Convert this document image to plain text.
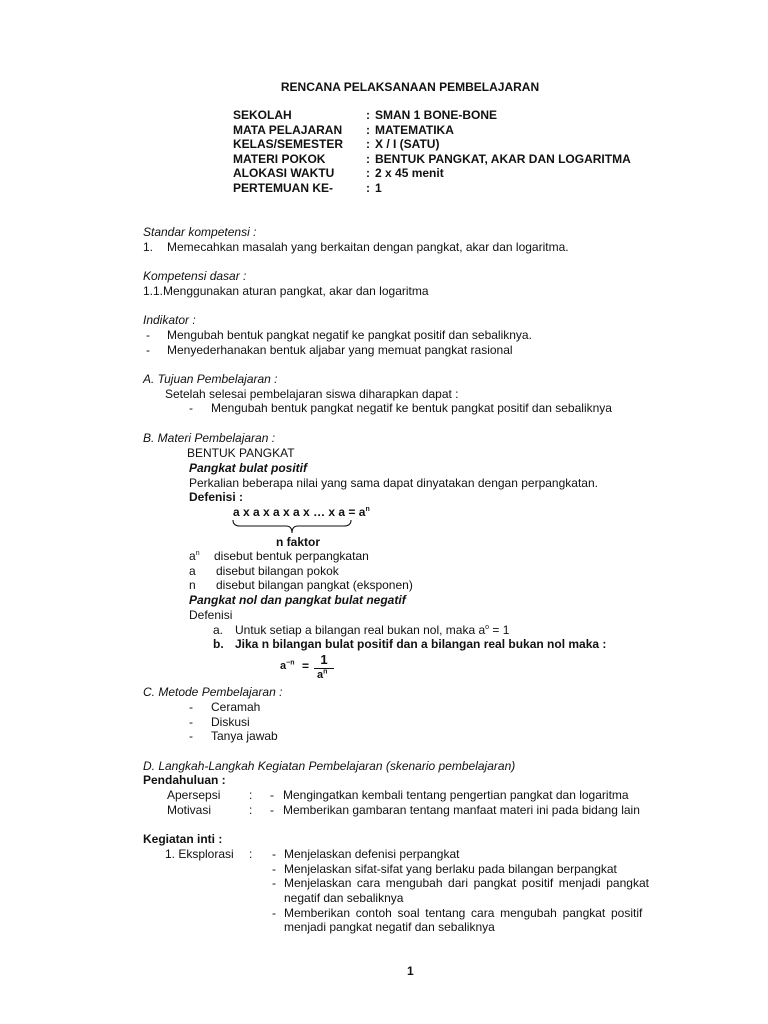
RENCANA PELAKSANAAN PEMBELAJARAN
SEKOLAH	: SMAN 1 BONE-BONE
MATA PELAJARAN : MATEMATIKA
KELAS/SEMESTER : X / I (SATU)
MATERI POKOK	: BENTUK PANGKAT, AKAR DAN LOGARITMA
ALOKASI WAKTU	: 2 x 45 menit
PERTEMUAN KE-	: 1
Standar kompetensi :
1. Memecahkan masalah yang berkaitan dengan pangkat, akar dan logaritma.
Kompetensi dasar :
1.1.Menggunakan aturan pangkat, akar dan logaritma
Indikator :
- Mengubah bentuk pangkat negatif ke pangkat positif dan sebaliknya.
- Menyederhanakan bentuk aljabar yang memuat pangkat rasional
A. Tujuan Pembelajaran :
Setelah selesai pembelajaran siswa diharapkan dapat :
- Mengubah bentuk pangkat negatif ke bentuk pangkat positif dan sebaliknya
B. Materi Pembelajaran :
BENTUK PANGKAT
Pangkat bulat positif
Perkalian beberapa nilai yang sama dapat dinyatakan dengan perpangkatan.
Defenisi :
a x a x a x a x … x $a = a^n$
n faktor
$a^n$ disebut bentuk perpangkatan
a disebut bilangan pokok
n disebut bilangan pangkat (eksponen)
Pangkat nol dan pangkat bulat negatif
Defenisi
a. Untuk setiap a bilangan real bukan nol, maka $a^o = 1$
b. Jika n bilangan bulat positif dan a bilangan real bukan nol maka :
$a^{-n} = 1$
$a^n$
C. Metode Pembelajaran :
- Ceramah
- Diskusi
- Tanya jawab
D. Langkah-Langkah Kegiatan Pembelajaran (skenario pembelajaran)
Pendahuluan :
Apersepsi : - Mengingatkan kembali tentang pengertian pangkat dan logaritma
Motivasi	: - Memberikan gambaran tentang manfaat materi ini pada bidang lain
Kegiatan inti :
1. Eksplorasi : - Menjelaskan defenisi perpangkat
- Menjelaskan sifat-sifat yang berlaku pada bilangan berpangkat
- Menjelaskan cara mengubah dari pangkat positif menjadi pangkat
negatif dan sebaliknya
- Memberikan contoh soal tentang cara mengubah pangkat positif
menjadi pangkat negatif dan sebaliknya
1
